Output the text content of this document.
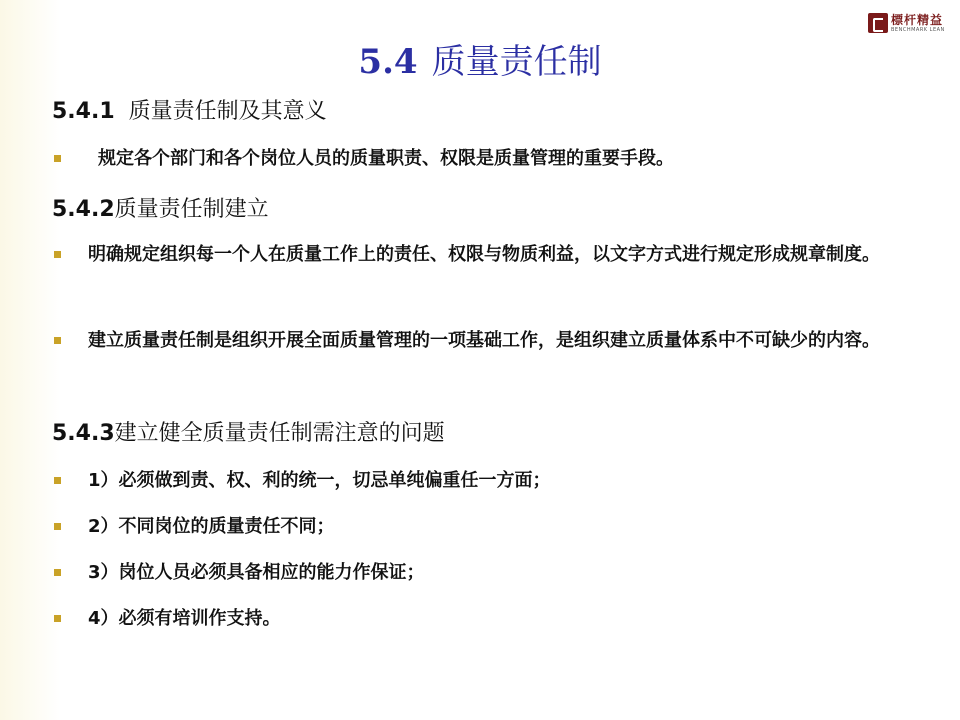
標杆精益
BENCHMARK LEAN
5.4 质量责任制
5.4.1 质量责任制及其意义
规定各个部门和各个岗位人员的质量职责、权限是质量管理的重要手段。
5.4.2质量责任制建立
明确规定组织每一个人在质量工作上的责任、权限与物质利益，以文字方式进行规定形成规章制度。
建立质量责任制是组织开展全面质量管理的一项基础工作，是组织建立质量体系中不可缺少的内容。
5.4.3建立健全质量责任制需注意的问题
1）必须做到责、权、利的统一，切忌单纯偏重任一方面；
2）不同岗位的质量责任不同；
3）岗位人员必须具备相应的能力作保证；
4）必须有培训作支持。
